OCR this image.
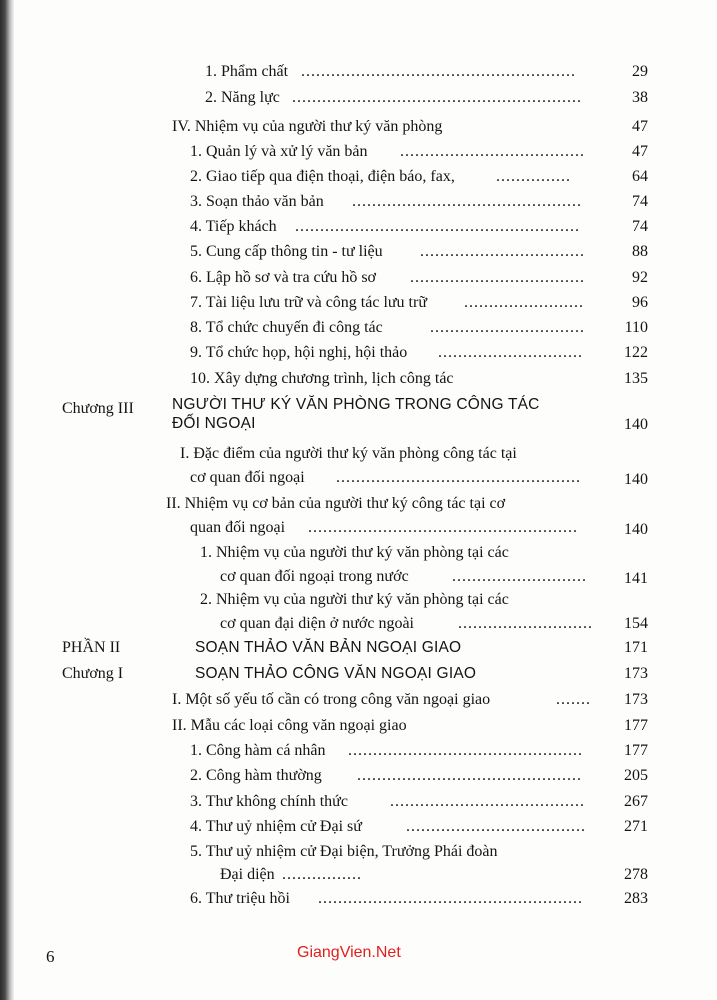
1. Phẩm chất .......................................................	29
2. Năng lực ..........................................................	38
IV. Nhiệm vụ của người thư ký văn phòng	47
1. Quản lý và xử lý văn bản .....................................	47
2. Giao tiếp qua điện thoại, điện báo, fax,	...............	64
3. Soạn thảo văn bản ..............................................	74
4. Tiếp khách .........................................................	74
5. Cung cấp thông tin - tư liệu .................................	88
6. Lập hồ sơ và tra cứu hồ sơ ...................................	92
7. Tài liệu lưu trữ và công tác lưu trữ ........................	96
8. Tổ chức chuyến đi công tác	...............................	110
9. Tổ chức họp, hội nghị, hội thảo .............................	122
10. Xây dựng chương trình, lịch công tác	135
Chương III NGƯỜI THƯ KÝ VĂN PHÒNG TRONG CÔNG TÁC
ĐỐI NGOẠI	140
I. Đặc điểm của người thư ký văn phòng công tác tại
cơ quan đối ngoại .................................................	140
II. Nhiệm vụ cơ bản của người thư ký công tác tại cơ
quan đối ngoại ......................................................	140
1. Nhiệm vụ của người thư ký văn phòng tại các
cơ quan đối ngoại trong nước	...........................	141
2. Nhiệm vụ của người thư ký văn phòng tại các
cơ quan đại diện ở nước ngoài	........................... 154
PHẦN II	SOẠN THẢO VĂN BẢN NGOẠI GIAO	171
Chương I	SOẠN THẢO CÔNG VĂN NGOẠI GIAO	173
I. Một số yếu tố cần có trong công văn ngoại giao	....... 173
II. Mẫu các loại công văn ngoại giao	177
1. Công hàm cá nhân ...............................................	177
2. Công hàm thường .............................................	205
3. Thư không chính thức	.......................................	267
4. Thư uỷ nhiệm cử Đại sứ	....................................	271
5. Thư uỷ nhiệm cử Đại biện, Trưởng Phái đoàn
Đại diện ................	278
6. Thư triệu hồi .....................................................	283
6	GiangVien.Net
